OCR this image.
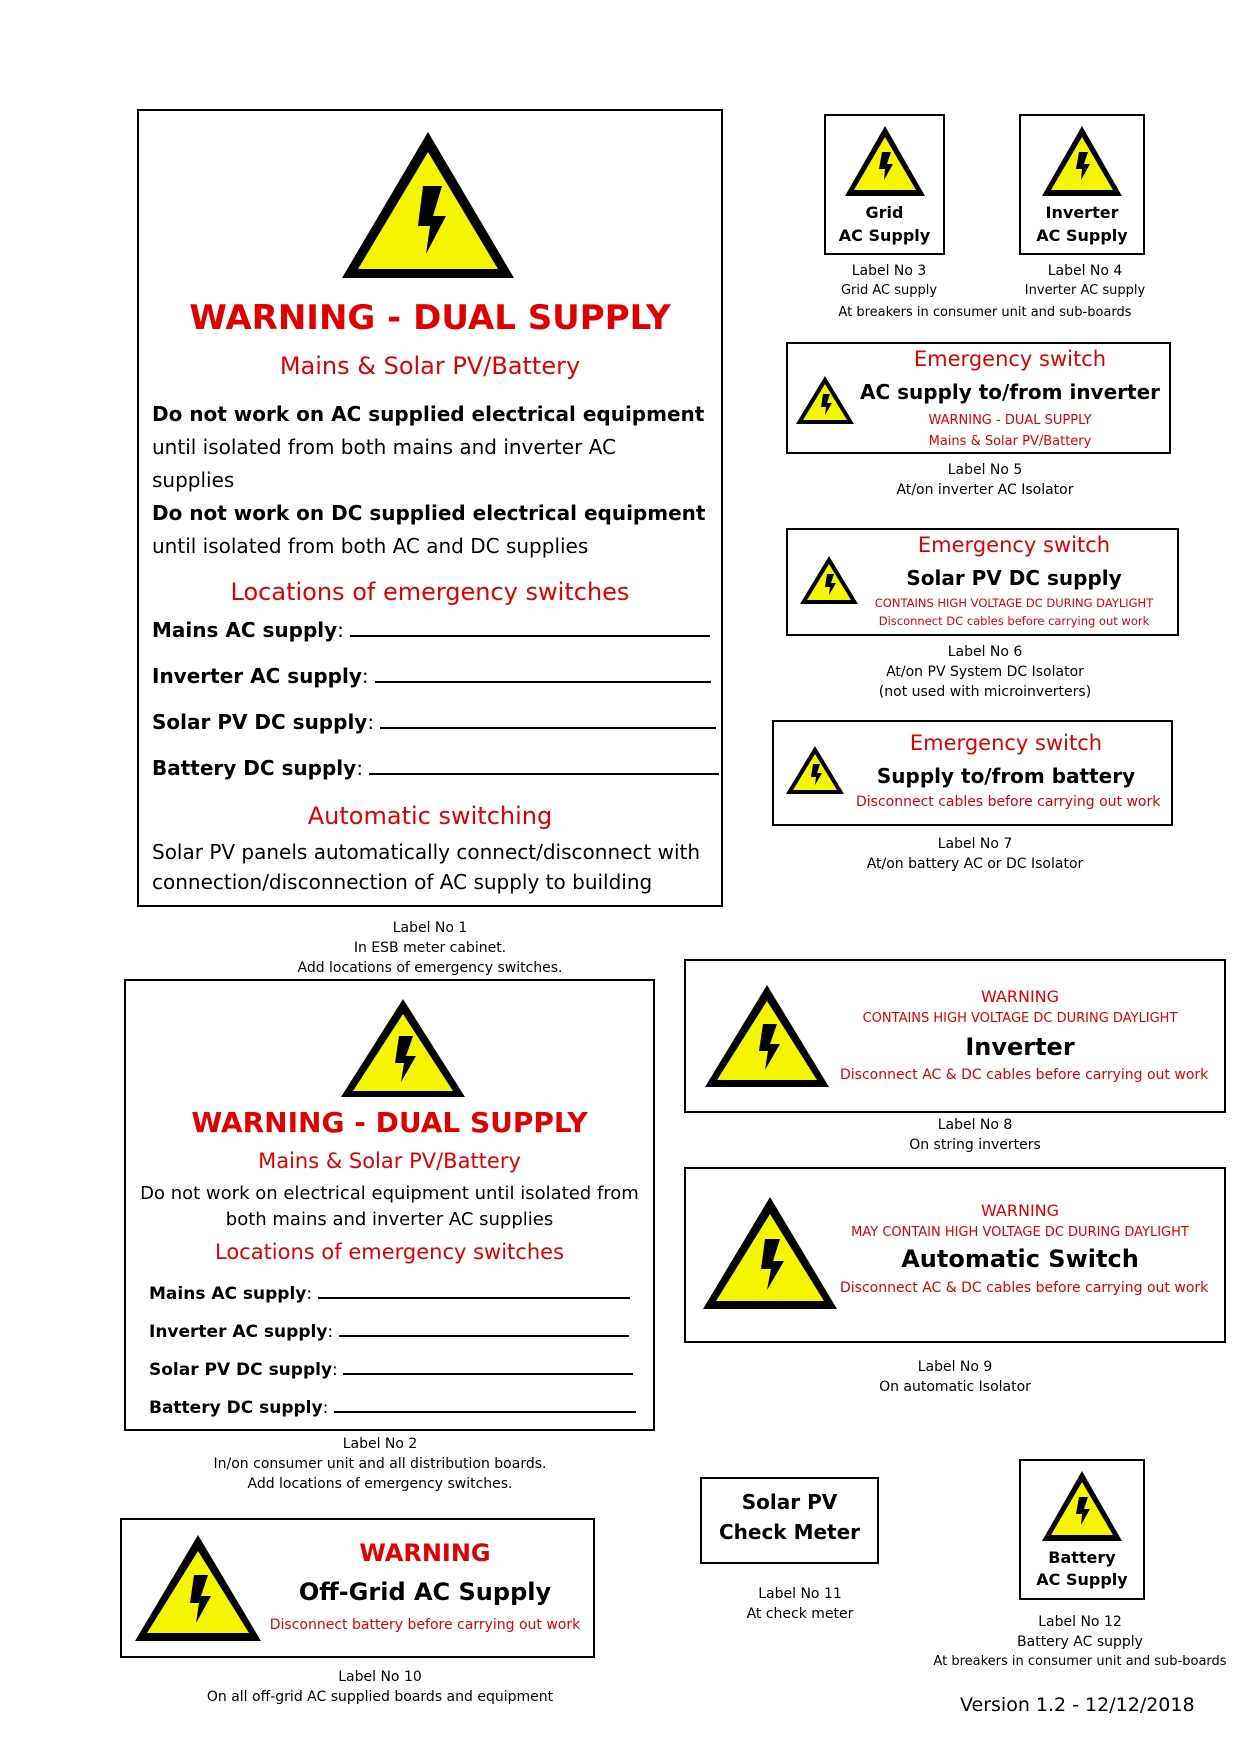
WARNING - DUAL SUPPLY
Mains & Solar PV/Battery
Do not work on AC supplied electrical equipment
until isolated from both mains and inverter AC
supplies
Do not work on DC supplied electrical equipment
until isolated from both AC and DC supplies
Locations of emergency switches
Mains AC supply:
Inverter AC supply:
Solar PV DC supply:
Battery DC supply:
Automatic switching
Solar PV panels automatically connect/disconnect with
connection/disconnection of AC supply to building
Label No 1
In ESB meter cabinet.
Add locations of emergency switches.
WARNING - DUAL SUPPLY
Mains & Solar PV/Battery
Do not work on electrical equipment until isolated from
both mains and inverter AC supplies
Locations of emergency switches
Mains AC supply:
Inverter AC supply:
Solar PV DC supply:
Battery DC supply:
Label No 2
In/on consumer unit and all distribution boards.
Add locations of emergency switches.
Grid
AC Supply
Label No 3
Grid AC supply
Inverter
AC Supply
Label No 4
Inverter AC supply
At breakers in consumer unit and sub-boards
Emergency switch
AC supply to/from inverter
WARNING - DUAL SUPPLY
Mains & Solar PV/Battery
Label No 5
At/on inverter AC Isolator
Emergency switch
Solar PV DC supply
CONTAINS HIGH VOLTAGE DC DURING DAYLIGHT
Disconnect DC cables before carrying out work
Label No 6
At/on PV System DC Isolator
(not used with microinverters)
Emergency switch
Supply to/from battery
Disconnect cables before carrying out work
Label No 7
At/on battery AC or DC Isolator
WARNING
CONTAINS HIGH VOLTAGE DC DURING DAYLIGHT
Inverter
Disconnect AC & DC cables before carrying out work
Label No 8
On string inverters
WARNING
MAY CONTAIN HIGH VOLTAGE DC DURING DAYLIGHT
Automatic Switch
Disconnect AC & DC cables before carrying out work
Label No 9
On automatic Isolator
WARNING
Off-Grid AC Supply
Disconnect battery before carrying out work
Label No 10
On all off-grid AC supplied boards and equipment
Solar PV
Check Meter
Label No 11
At check meter
Battery
AC Supply
Label No 12
Battery AC supply
At breakers in consumer unit and sub-boards
Version 1.2 - 12/12/2018
